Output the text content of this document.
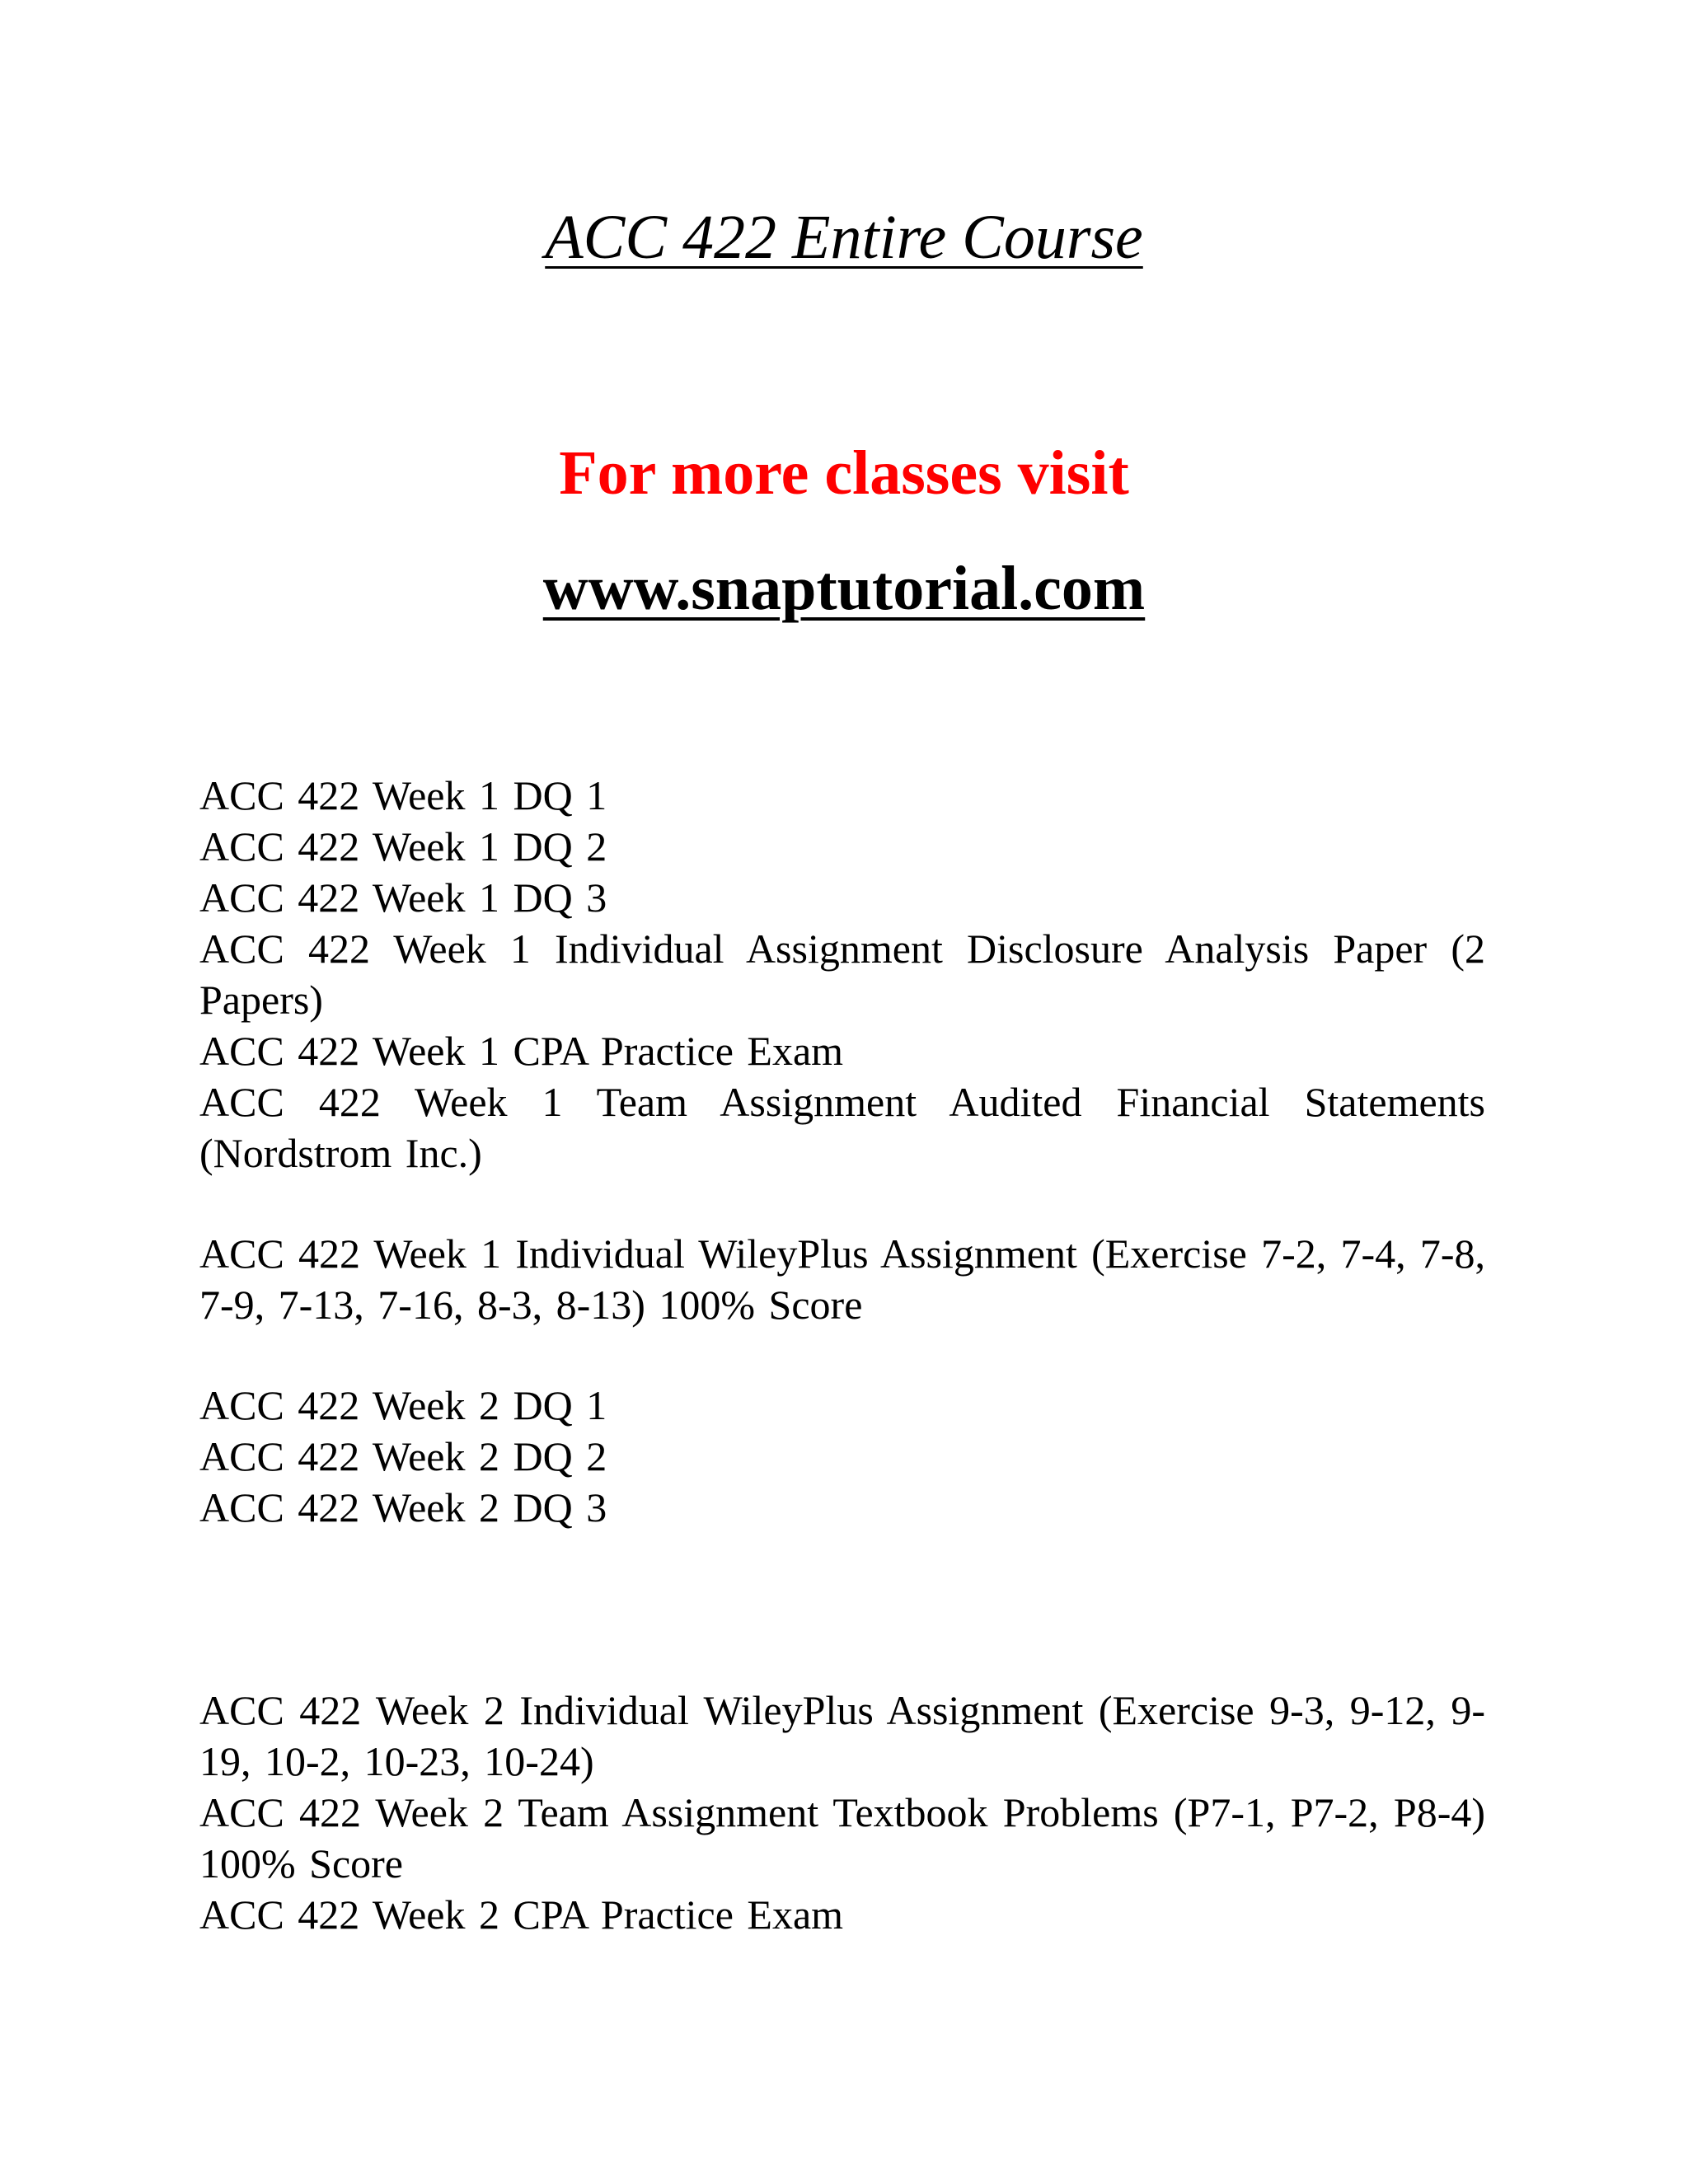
ACC 422 Entire Course
For more classes visit
www.snaptutorial.com

ACC 422 Week 1 DQ 1

ACC 422 Week 1 DQ 2

ACC 422 Week 1 DQ 3

ACC 422 Week 1 Individual Assignment Disclosure Analysis Paper (2 Papers)

ACC 422 Week 1 CPA Practice Exam

ACC 422 Week 1 Team Assignment Audited Financial Statements (Nordstrom Inc.)

ACC 422 Week 1 Individual WileyPlus Assignment (Exercise 7-2, 7-4, 7-8, 7-9, 7-13, 7-16, 8-3, 8-13) 100% Score

ACC 422 Week 2 DQ 1

ACC 422 Week 2 DQ 2

ACC 422 Week 2 DQ 3

ACC 422 Week 2 Individual WileyPlus Assignment (Exercise 9-3, 9-12, 9-19, 10-2, 10-23, 10-24)

ACC 422 Week 2 Team Assignment Textbook Problems (P7-1, P7-2, P8-4) 100% Score

ACC 422 Week 2 CPA Practice Exam
